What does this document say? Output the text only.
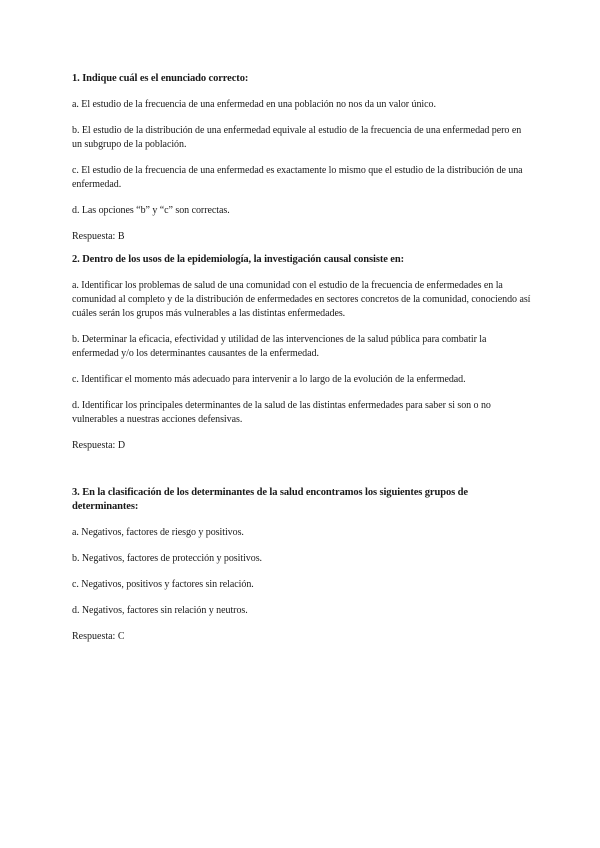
1. Indique cuál es el enunciado correcto:

a. El estudio de la frecuencia de una enfermedad en una población no nos da un valor único.

b. El estudio de la distribución de una enfermedad equivale al estudio de la frecuencia de una enfermedad pero en un subgrupo de la población.

c. El estudio de la frecuencia de una enfermedad es exactamente lo mismo que el estudio de la distribución de una enfermedad.

d. Las opciones “b” y “c” son correctas.

Respuesta: B

2. Dentro de los usos de la epidemiología, la investigación causal consiste en:

a. Identificar los problemas de salud de una comunidad con el estudio de la frecuencia de enfermedades en la comunidad al completo y de la distribución de enfermedades en sectores concretos de la comunidad, conociendo así cuáles serán los grupos más vulnerables a las distintas enfermedades.

b. Determinar la eficacia, efectividad y utilidad de las intervenciones de la salud pública para combatir la enfermedad y/o los determinantes causantes de la enfermedad.

c. Identificar el momento más adecuado para intervenir a lo largo de la evolución de la enfermedad.

d. Identificar los principales determinantes de la salud de las distintas enfermedades para saber si son o no vulnerables a nuestras acciones defensivas.

Respuesta: D

3. En la clasificación de los determinantes de la salud encontramos los siguientes grupos de determinantes:

a. Negativos, factores de riesgo y positivos.

b. Negativos, factores de protección y positivos.

c. Negativos, positivos y factores sin relación.

d. Negativos, factores sin relación y neutros.

Respuesta: C
